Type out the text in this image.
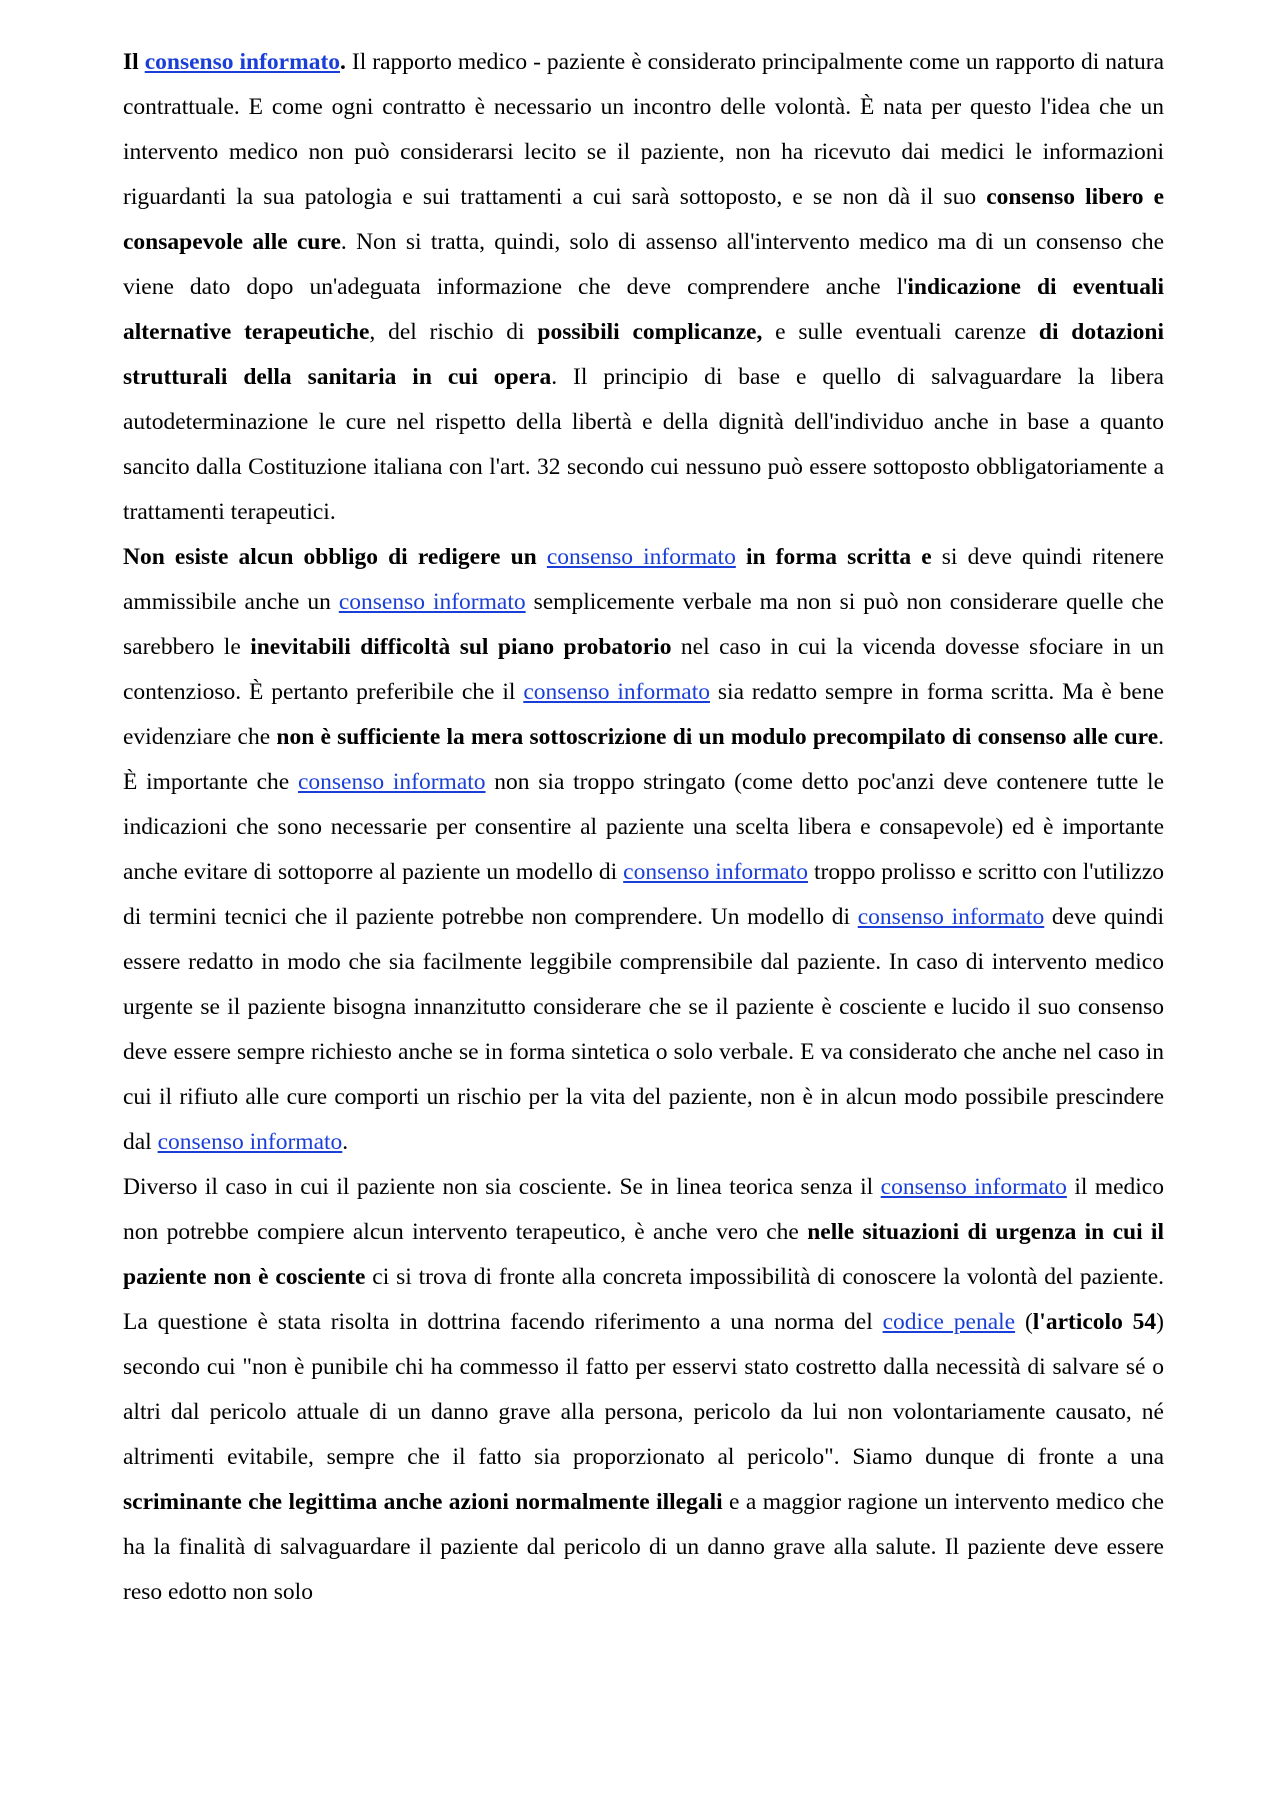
Il consenso informato. Il rapporto medico - paziente è considerato principalmente come un rapporto di natura contrattuale. E come ogni contratto è necessario un incontro delle volontà. È nata per questo l'idea che un intervento medico non può considerarsi lecito se il paziente, non ha ricevuto dai medici le informazioni riguardanti la sua patologia e sui trattamenti a cui sarà sottoposto, e se non dà il suo consenso libero e consapevole alle cure. Non si tratta, quindi, solo di assenso all'intervento medico ma di un consenso che viene dato dopo un'adeguata informazione che deve comprendere anche l'indicazione di eventuali alternative terapeutiche, del rischio di possibili complicanze, e sulle eventuali carenze di dotazioni strutturali della sanitaria in cui opera. Il principio di base e quello di salvaguardare la libera autodeterminazione le cure nel rispetto della libertà e della dignità dell'individuo anche in base a quanto sancito dalla Costituzione italiana con l'art. 32 secondo cui nessuno può essere sottoposto obbligatoriamente a trattamenti terapeutici.

Non esiste alcun obbligo di redigere un consenso informato in forma scritta e si deve quindi ritenere ammissibile anche un consenso informato semplicemente verbale ma non si può non considerare quelle che sarebbero le inevitabili difficoltà sul piano probatorio nel caso in cui la vicenda dovesse sfociare in un contenzioso. È pertanto preferibile che il consenso informato sia redatto sempre in forma scritta. Ma è bene evidenziare che non è sufficiente la mera sottoscrizione di un modulo precompilato di consenso alle cure. È importante che consenso informato non sia troppo stringato (come detto poc'anzi deve contenere tutte le indicazioni che sono necessarie per consentire al paziente una scelta libera e consapevole) ed è importante anche evitare di sottoporre al paziente un modello di consenso informato troppo prolisso e scritto con l'utilizzo di termini tecnici che il paziente potrebbe non comprendere. Un modello di consenso informato deve quindi essere redatto in modo che sia facilmente leggibile comprensibile dal paziente. In caso di intervento medico urgente se il paziente bisogna innanzitutto considerare che se il paziente è cosciente e lucido il suo consenso deve essere sempre richiesto anche se in forma sintetica o solo verbale. E va considerato che anche nel caso in cui il rifiuto alle cure comporti un rischio per la vita del paziente, non è in alcun modo possibile prescindere dal consenso informato.

Diverso il caso in cui il paziente non sia cosciente. Se in linea teorica senza il consenso informato il medico non potrebbe compiere alcun intervento terapeutico, è anche vero che nelle situazioni di urgenza in cui il paziente non è cosciente ci si trova di fronte alla concreta impossibilità di conoscere la volontà del paziente. La questione è stata risolta in dottrina facendo riferimento a una norma del codice penale (l'articolo 54) secondo cui "non è punibile chi ha commesso il fatto per esservi stato costretto dalla necessità di salvare sé o altri dal pericolo attuale di un danno grave alla persona, pericolo da lui non volontariamente causato, né altrimenti evitabile, sempre che il fatto sia proporzionato al pericolo". Siamo dunque di fronte a una scriminante che legittima anche azioni normalmente illegali e a maggior ragione un intervento medico che ha la finalità di salvaguardare il paziente dal pericolo di un danno grave alla salute. Il paziente deve essere reso edotto non solo
